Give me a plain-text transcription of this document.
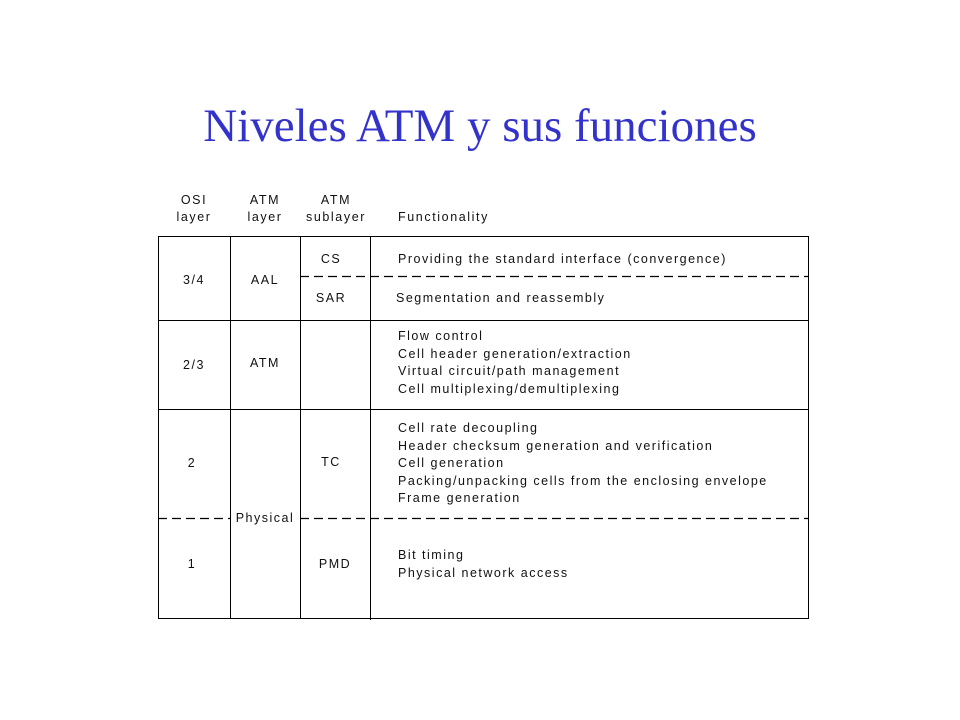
Niveles ATM y sus funciones
OSI
layer
ATM
layer
ATM
sublayer	Functionality
3/4
2/3
2
1
AAL
ATM
Physical
CS
SAR
TC
PMD
Providing the standard interface (convergence)
Segmentation and reassembly
Flow control
Cell header generation/extraction
Virtual circuit/path management
Cell multiplexing/demultiplexing
Cell rate decoupling
Header checksum generation and verification
Cell generation
Packing/unpacking cells from the enclosing envelope
Frame generation
Bit timing
Physical network access
